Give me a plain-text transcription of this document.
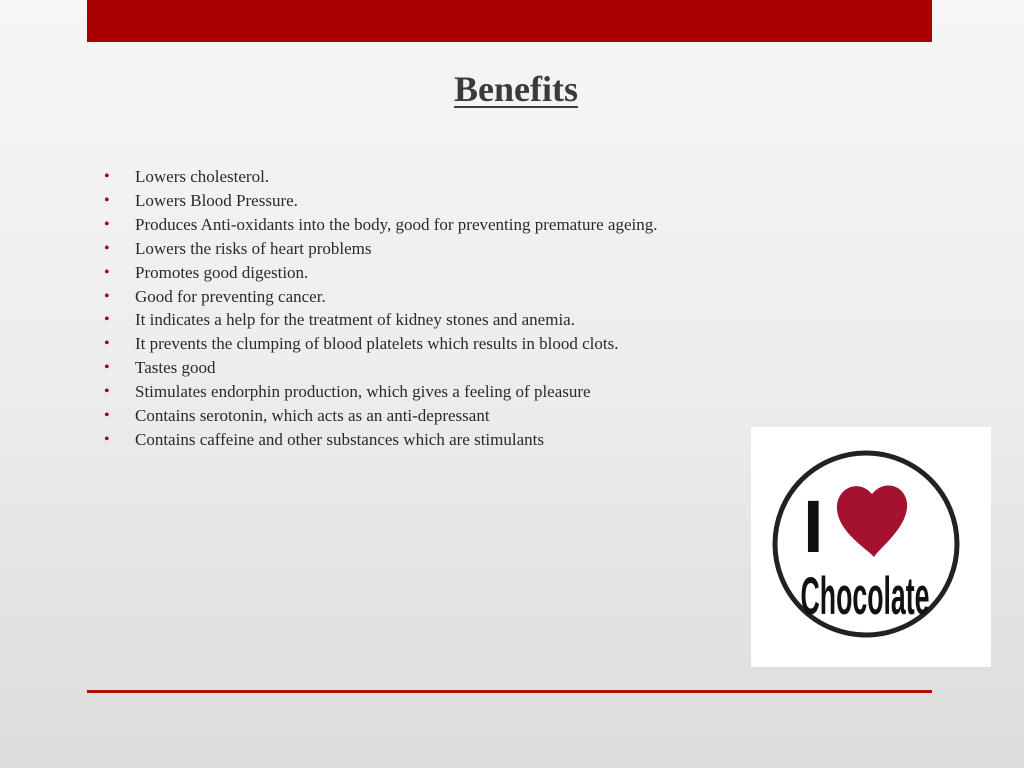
Benefits
• Lowers cholesterol.
• Lowers Blood Pressure.
• Produces Anti-oxidants into the body, good for preventing premature ageing.
• Lowers the risks of heart problems
• Promotes good digestion.
• Good for preventing cancer.
• It indicates a help for the treatment of kidney stones and anemia.
• It prevents the clumping of blood platelets which results in blood clots.
• Tastes good
• Stimulates endorphin production, which gives a feeling of pleasure
• Contains serotonin, which acts as an anti-depressant
• Contains caffeine and other substances which are stimulants
I
Chocolate
